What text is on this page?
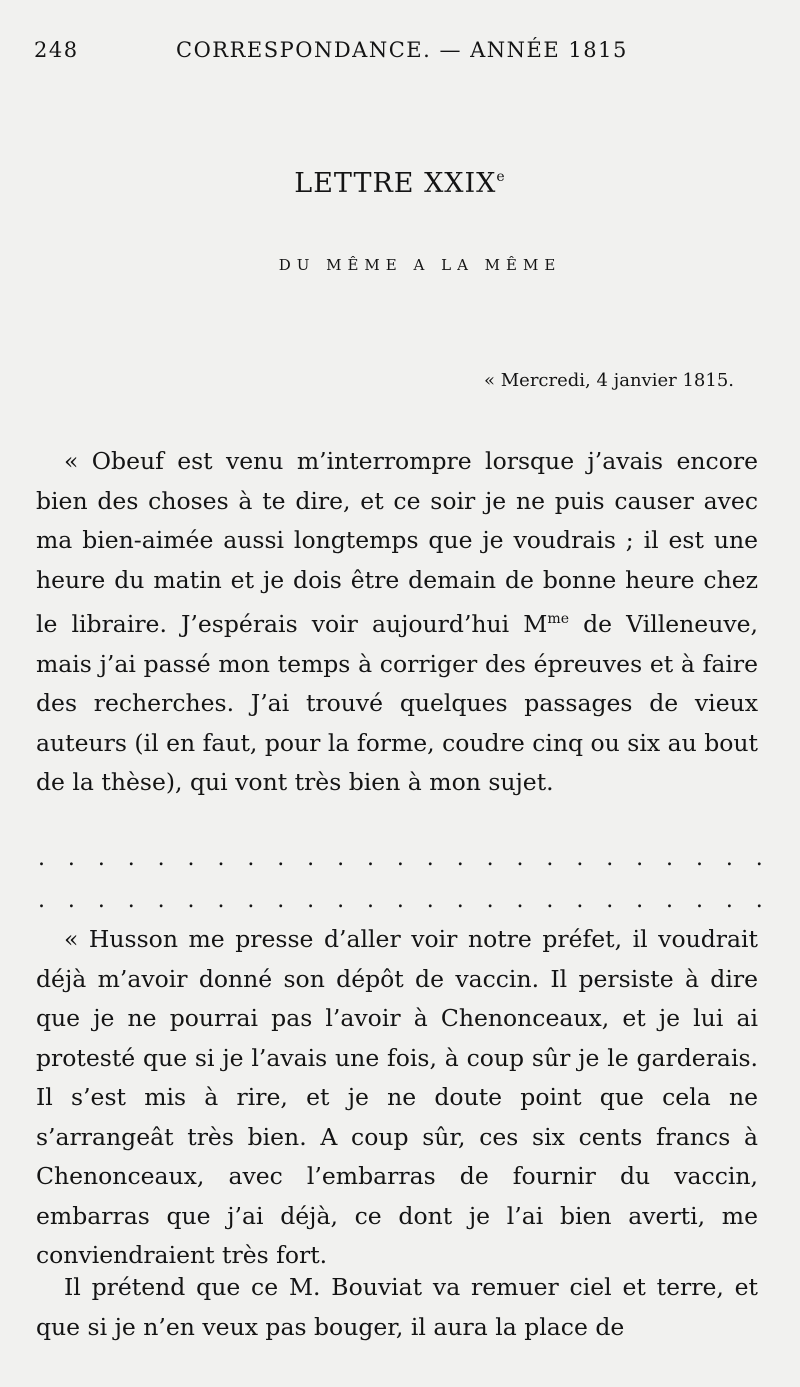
248	CORRESPONDANCE. — ANNÉE 1815
LETTRE XXIXe
DU MÊME A LA MÊME
« Mercredi, 4 janvier 1815.
« Obeuf est venu m’interrompre lorsque j’avais encore bien des choses à te dire, et ce soir je ne puis causer avec ma bien-aimée aussi longtemps que je voudrais ; il est une heure du matin et je dois être demain de bonne heure chez le libraire. J’espérais voir aujourd’hui $M^{me}$ de Villeneuve, mais j’ai passé mon temps à corriger des épreuves et à faire des recherches. J’ai trouvé quelques passages de vieux auteurs (il en faut, pour la forme, coudre cinq ou six au bout de la thèse), qui vont très bien à mon sujet.
. . . . . . . . . . . . . . . . . . . . . . . . .
. . . . . . . . . . . . . . . . . . . . . . . . .
« Husson me presse d’aller voir notre préfet, il voudrait déjà m’avoir donné son dépôt de vaccin. Il persiste à dire que je ne pourrai pas l’avoir à Chenonceaux, et je lui ai protesté que si je l’avais une fois, à coup sûr je le garderais. Il s’est mis à rire, et je ne doute point que cela ne s’arrangeât très bien. A coup sûr, ces six cents francs à Chenonceaux, avec l’embarras de fournir du vaccin, embarras que j’ai déjà, ce dont je l’ai bien averti, me conviendraient très fort.
Il prétend que ce M. Bouviat va remuer ciel et terre, et que si je n’en veux pas bouger, il aura la place de
